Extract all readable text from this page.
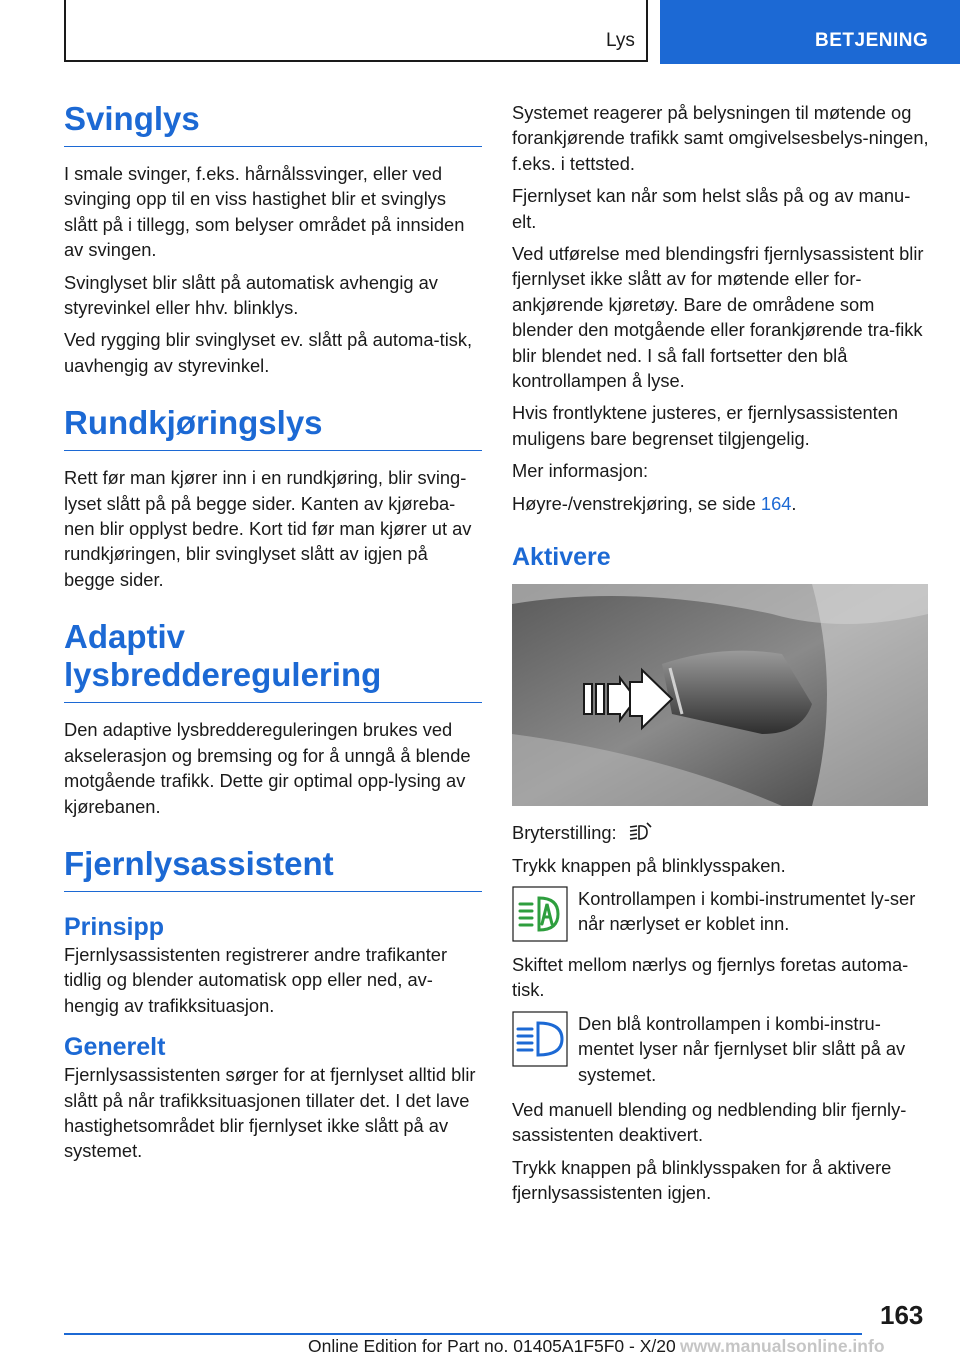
Lys	BETJENING
Svinglys

I smale svinger, f.eks. hårnålssvinger, eller ved svinging opp til en viss hastighet blir et svinglys slått på i tillegg, som belyser området på innsiden av svingen.

Svinglyset blir slått på automatisk avhengig av styrevinkel eller hhv. blinklys.

Ved rygging blir svinglyset ev. slått på automa‐tisk, uavhengig av styrevinkel.

Rundkjøringslys

Rett før man kjører inn i en rundkjøring, blir sving‐lyset slått på på begge sider. Kanten av kjøreba‐nen blir opplyst bedre. Kort tid før man kjører ut av rundkjøringen, blir svinglyset slått av igjen på begge sider.

Adaptiv
lysbredderegulering

Den adaptive lysbreddereguleringen brukes ved akselerasjon og bremsing og for å unngå å blende motgående trafikk. Dette gir optimal opp‐lysing av kjørebanen.

Fjernlysassistent
Prinsipp

Fjernlysassistenten registrerer andre trafikanter tidlig og blender automatisk opp eller ned, av‐hengig av trafikksituasjon.

Generelt

Fjernlysassistenten sørger for at fjernlyset alltid blir slått på når trafikksituasjonen tillater det. I det lave hastighetsområdet blir fjernlyset ikke slått på av systemet.

Systemet reagerer på belysningen til møtende og forankjørende trafikk samt omgivelsesbelys‐ningen, f.eks. i tettsted.

Fjernlyset kan når som helst slås på og av manu‐elt.

Ved utførelse med blendingsfri fjernlysassistent blir fjernlyset ikke slått av for møtende eller for‐ankjørende kjøretøy. Bare de områdene som blender den motgående eller forankjørende tra‐fikk blir blendet ned. I så fall fortsetter den blå kontrollampen å lyse.

Hvis frontlyktene justeres, er fjernlysassistenten muligens bare begrenset tilgjengelig.

Mer informasjon:

Høyre-/venstrekjøring, se side 164.

Aktivere

Bryterstilling:

Trykk knappen på blinklysspaken.

Kontrollampen i kombi-instrumentet ly‐ser når nærlyset er koblet inn.

Skiftet mellom nærlys og fjernlys foretas automa‐tisk.

Den blå kontrollampen i kombi-instru‐mentet lyser når fjernlyset blir slått på av systemet.

Ved manuell blending og nedblending blir fjernly‐sassistenten deaktivert.

Trykk knappen på blinklysspaken for å aktivere fjernlysassistenten igjen.

163
Online Edition for Part no. 01405A1F5F0 - X/20 www.manualsonline.info
